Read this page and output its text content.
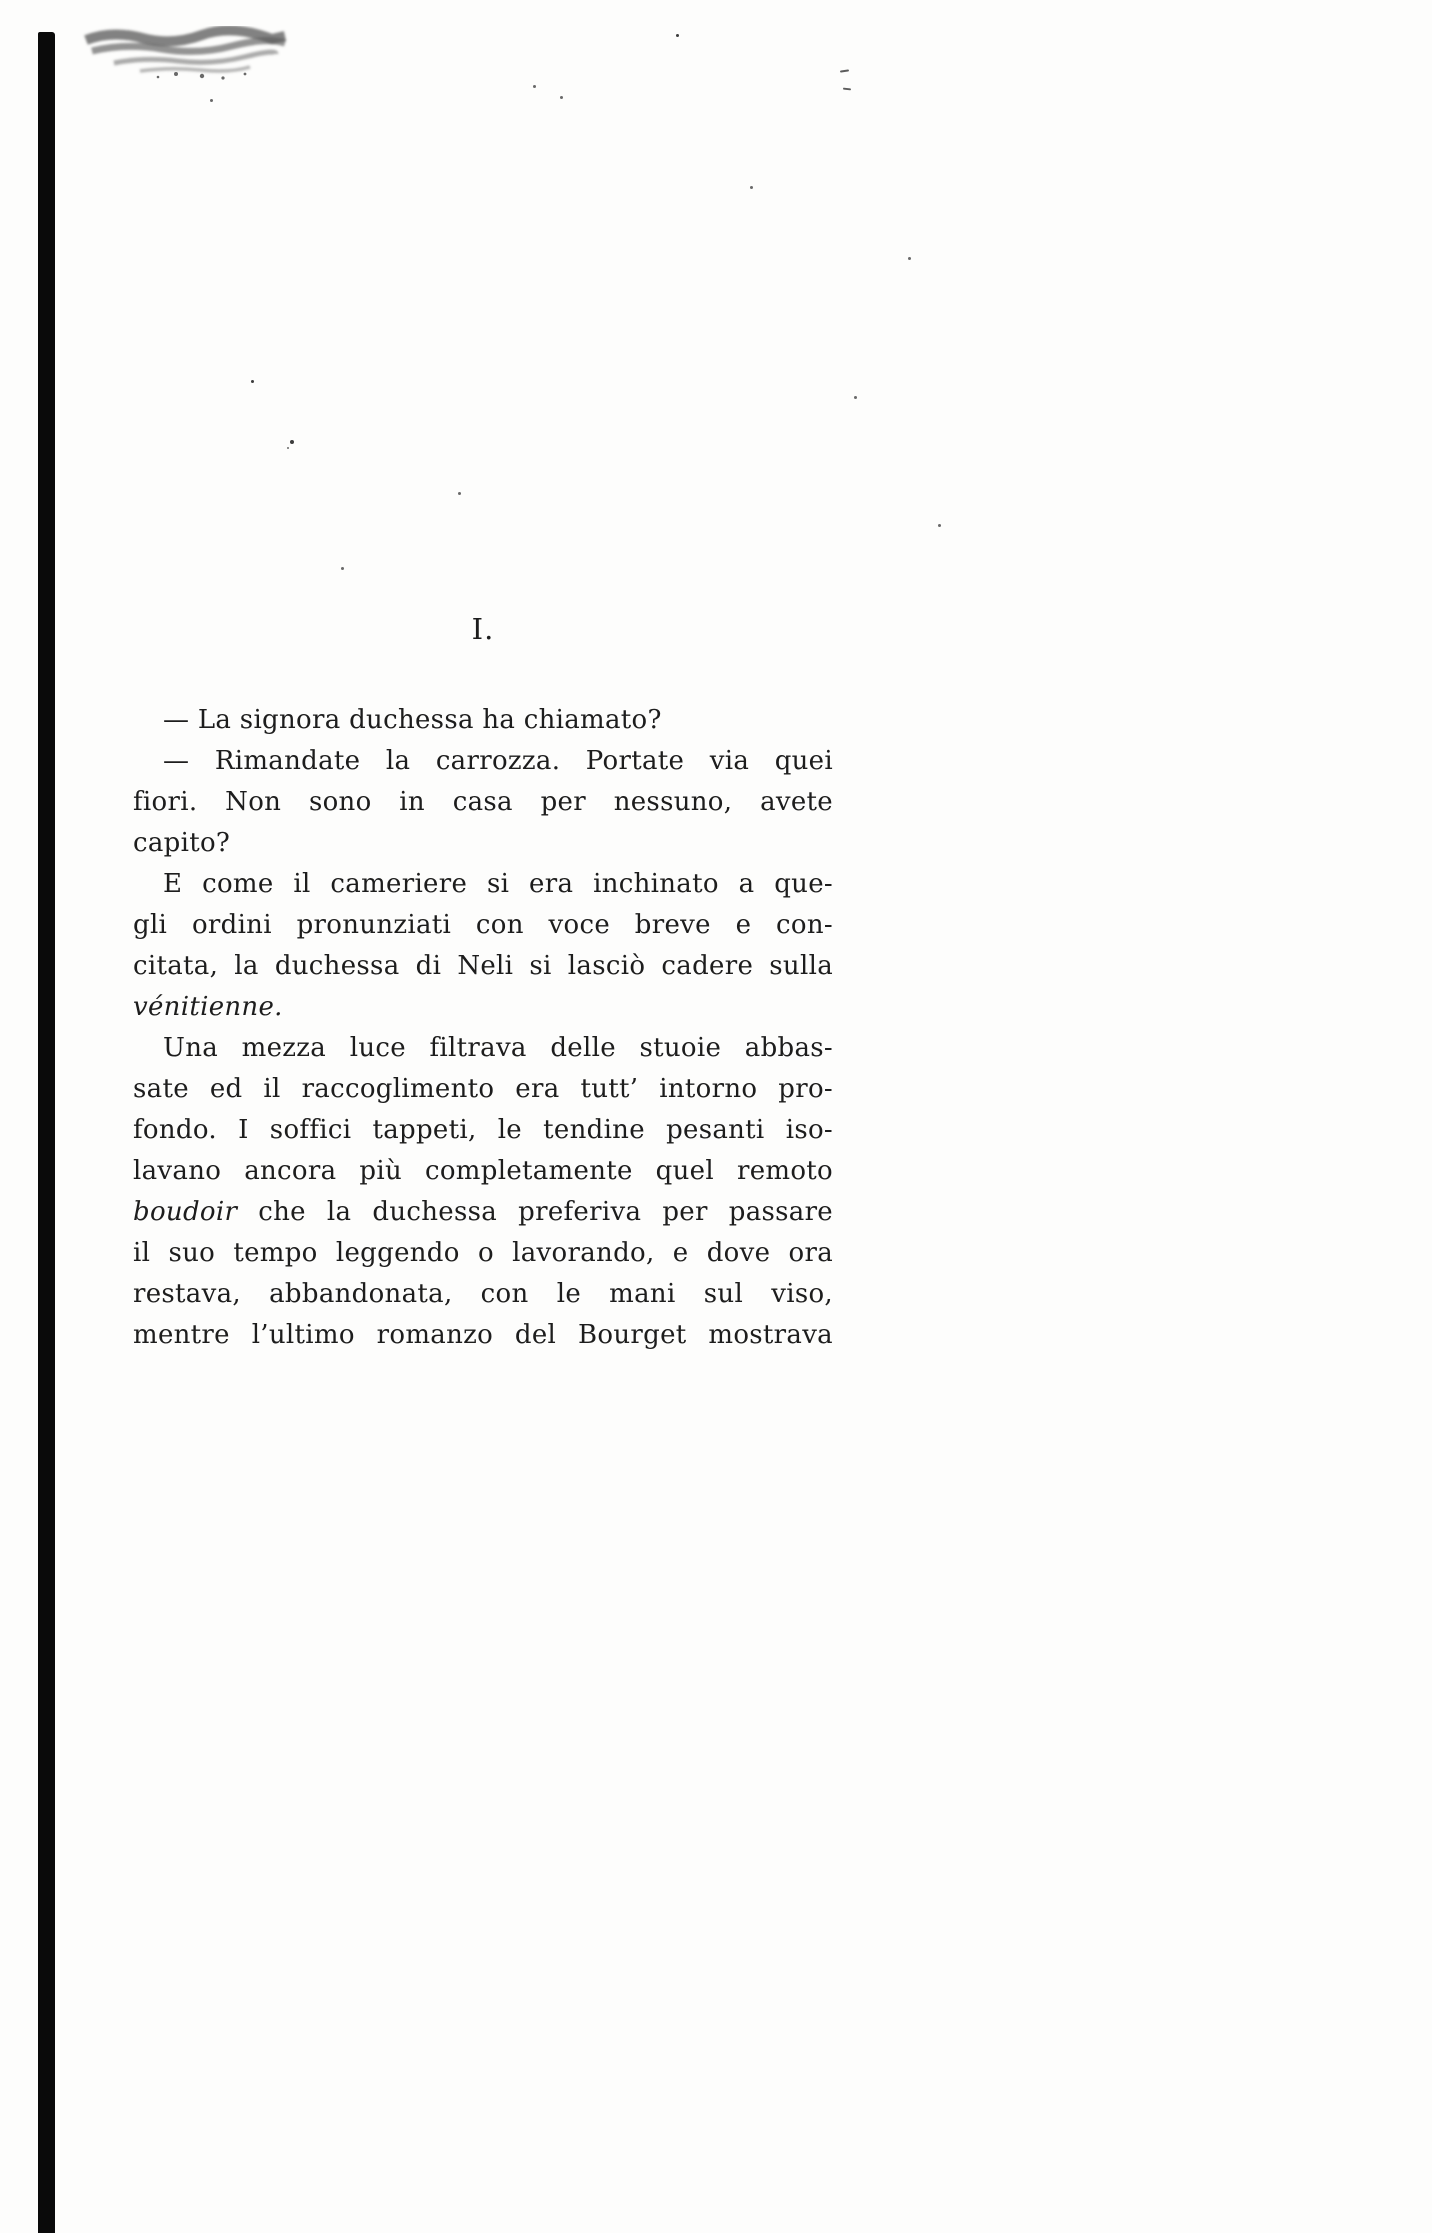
I.
— La signora duchessa ha chiamato?
— Rimandate la carrozza. Portate via quei
fiori. Non sono in casa per nessuno, avete
capito?
E come il cameriere si era inchinato a que-
gli ordini pronunziati con voce breve e con-
citata, la duchessa di Neli si lasciò cadere sulla
vénitienne.
Una mezza luce filtrava delle stuoie abbas-
sate ed il raccoglimento era tutt’ intorno pro-
fondo. I soffici tappeti, le tendine pesanti iso-
lavano ancora più completamente quel remoto
boudoir che la duchessa preferiva per passare
il suo tempo leggendo o lavorando, e dove ora
restava, abbandonata, con le mani sul viso,
mentre l’ultimo romanzo del Bourget mostrava
